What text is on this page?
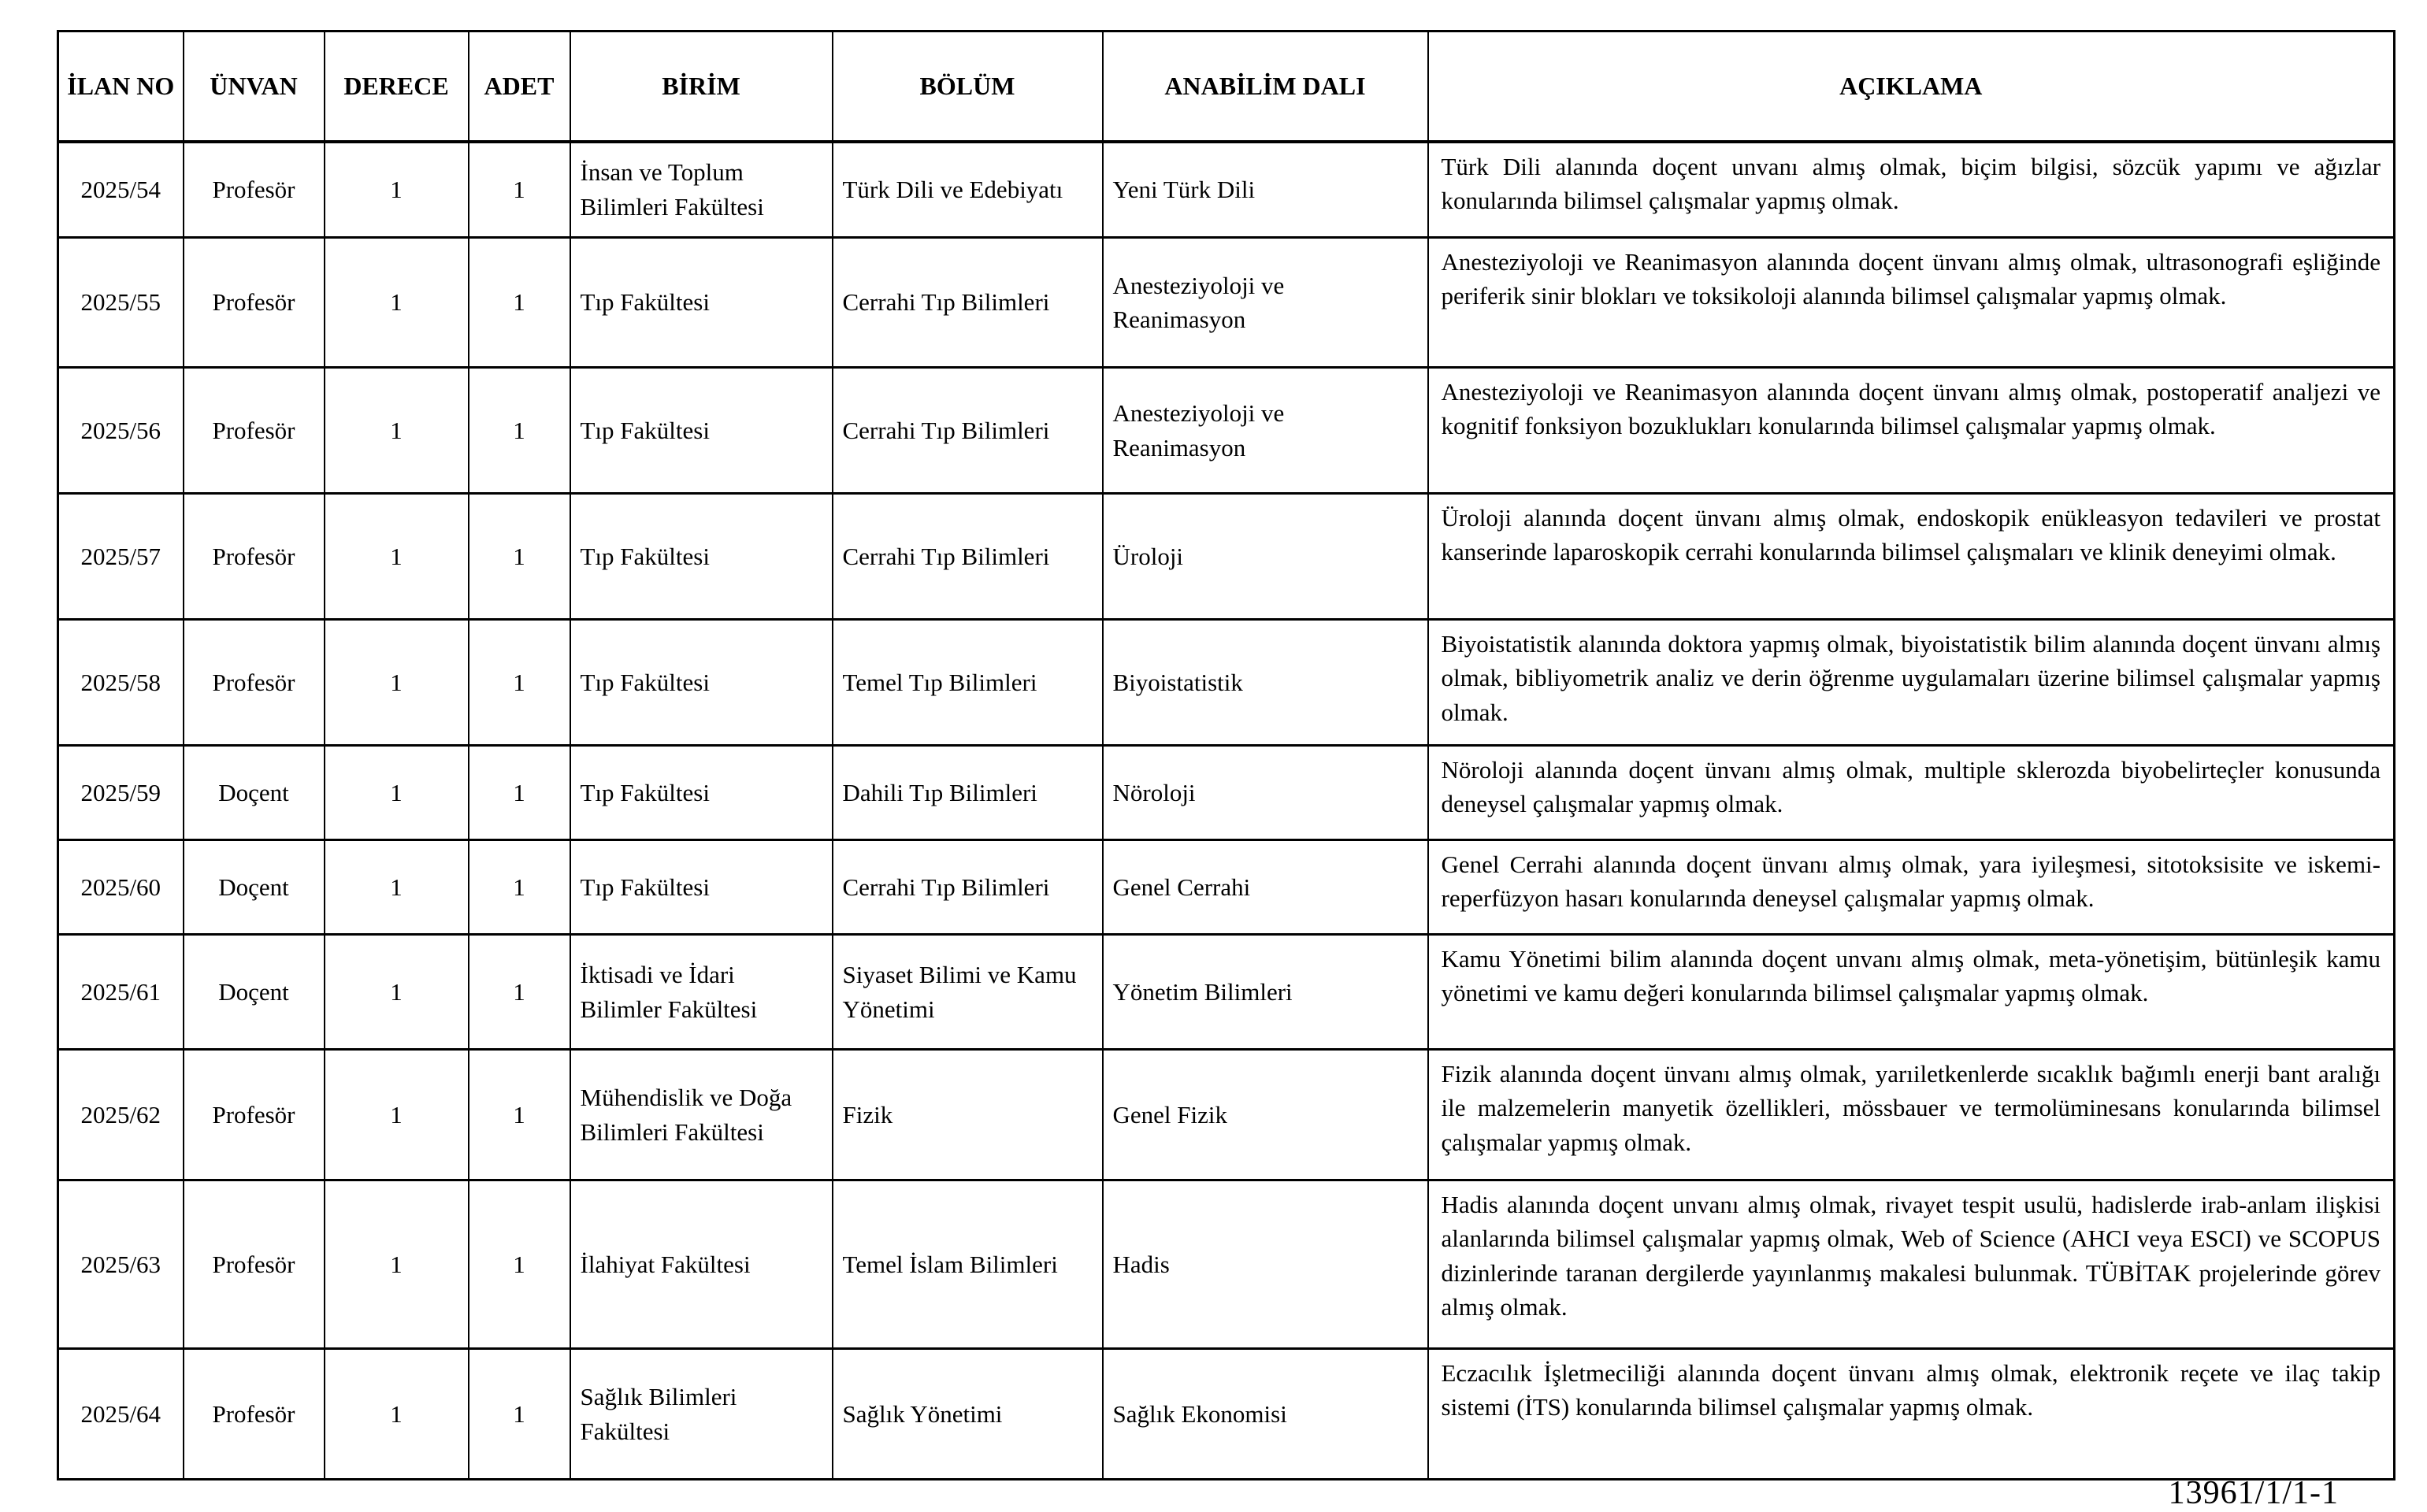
İLAN NO	ÜNVAN	DERECE	ADET	BİRİM	BÖLÜM	ANABİLİM DALI	AÇIKLAMA
2025/54	Profesör	1	1	İnsan ve Toplum Bilimleri Fakültesi	Türk Dili ve Edebiyatı	Yeni Türk Dili	Türk Dili alanında doçent unvanı almış olmak, biçim bilgisi, sözcük yapımı ve ağızlar konularında bilimsel çalışmalar yapmış olmak.
2025/55	Profesör	1	1	Tıp Fakültesi	Cerrahi Tıp Bilimleri	Anesteziyoloji ve Reanimasyon	Anesteziyoloji ve Reanimasyon alanında doçent ünvanı almış olmak, ultrasonografi eşliğinde periferik sinir blokları ve toksikoloji alanında bilimsel çalışmalar yapmış olmak.
2025/56	Profesör	1	1	Tıp Fakültesi	Cerrahi Tıp Bilimleri	Anesteziyoloji ve Reanimasyon	Anesteziyoloji ve Reanimasyon alanında doçent ünvanı almış olmak, postoperatif analjezi ve kognitif fonksiyon bozuklukları konularında bilimsel çalışmalar yapmış olmak.
2025/57	Profesör	1	1	Tıp Fakültesi	Cerrahi Tıp Bilimleri	Üroloji	Üroloji alanında doçent ünvanı almış olmak, endoskopik enükleasyon tedavileri ve prostat kanserinde laparoskopik cerrahi konularında bilimsel çalışmaları ve klinik deneyimi olmak.
2025/58	Profesör	1	1	Tıp Fakültesi	Temel Tıp Bilimleri	Biyoistatistik	Biyoistatistik alanında doktora yapmış olmak, biyoistatistik bilim alanında doçent ünvanı almış olmak, bibliyometrik analiz ve derin öğrenme uygulamaları üzerine bilimsel çalışmalar yapmış olmak.
2025/59	Doçent	1	1	Tıp Fakültesi	Dahili Tıp Bilimleri	Nöroloji	Nöroloji alanında doçent ünvanı almış olmak, multiple sklerozda biyobelirteçler konusunda deneysel çalışmalar yapmış olmak.
2025/60	Doçent	1	1	Tıp Fakültesi	Cerrahi Tıp Bilimleri	Genel Cerrahi	Genel Cerrahi alanında doçent ünvanı almış olmak, yara iyileşmesi, sitotoksisite ve iskemi-reperfüzyon hasarı konularında deneysel çalışmalar yapmış olmak.
2025/61	Doçent	1	1	İktisadi ve İdari Bilimler Fakültesi	Siyaset Bilimi ve Kamu Yönetimi	Yönetim Bilimleri	Kamu Yönetimi bilim alanında doçent unvanı almış olmak, meta-yönetişim, bütünleşik kamu yönetimi ve kamu değeri konularında bilimsel çalışmalar yapmış olmak.
2025/62	Profesör	1	1	Mühendislik ve Doğa Bilimleri Fakültesi	Fizik	Genel Fizik	Fizik alanında doçent ünvanı almış olmak, yarıiletkenlerde sıcaklık bağımlı enerji bant aralığı ile malzemelerin manyetik özellikleri, mössbauer ve termolüminesans konularında bilimsel çalışmalar yapmış olmak.
2025/63	Profesör	1	1	İlahiyat Fakültesi	Temel İslam Bilimleri	Hadis	Hadis alanında doçent unvanı almış olmak, rivayet tespit usulü, hadislerde irab-anlam ilişkisi alanlarında bilimsel çalışmalar yapmış olmak, Web of Science (AHCI veya ESCI) ve SCOPUS dizinlerinde taranan dergilerde yayınlanmış makalesi bulunmak. TÜBİTAK projelerinde görev almış olmak.
2025/64	Profesör	1	1	Sağlık Bilimleri Fakültesi	Sağlık Yönetimi	Sağlık Ekonomisi	Eczacılık İşletmeciliği alanında doçent ünvanı almış olmak, elektronik reçete ve ilaç takip sistemi (İTS) konularında bilimsel çalışmalar yapmış olmak.
13961/1/1-1
